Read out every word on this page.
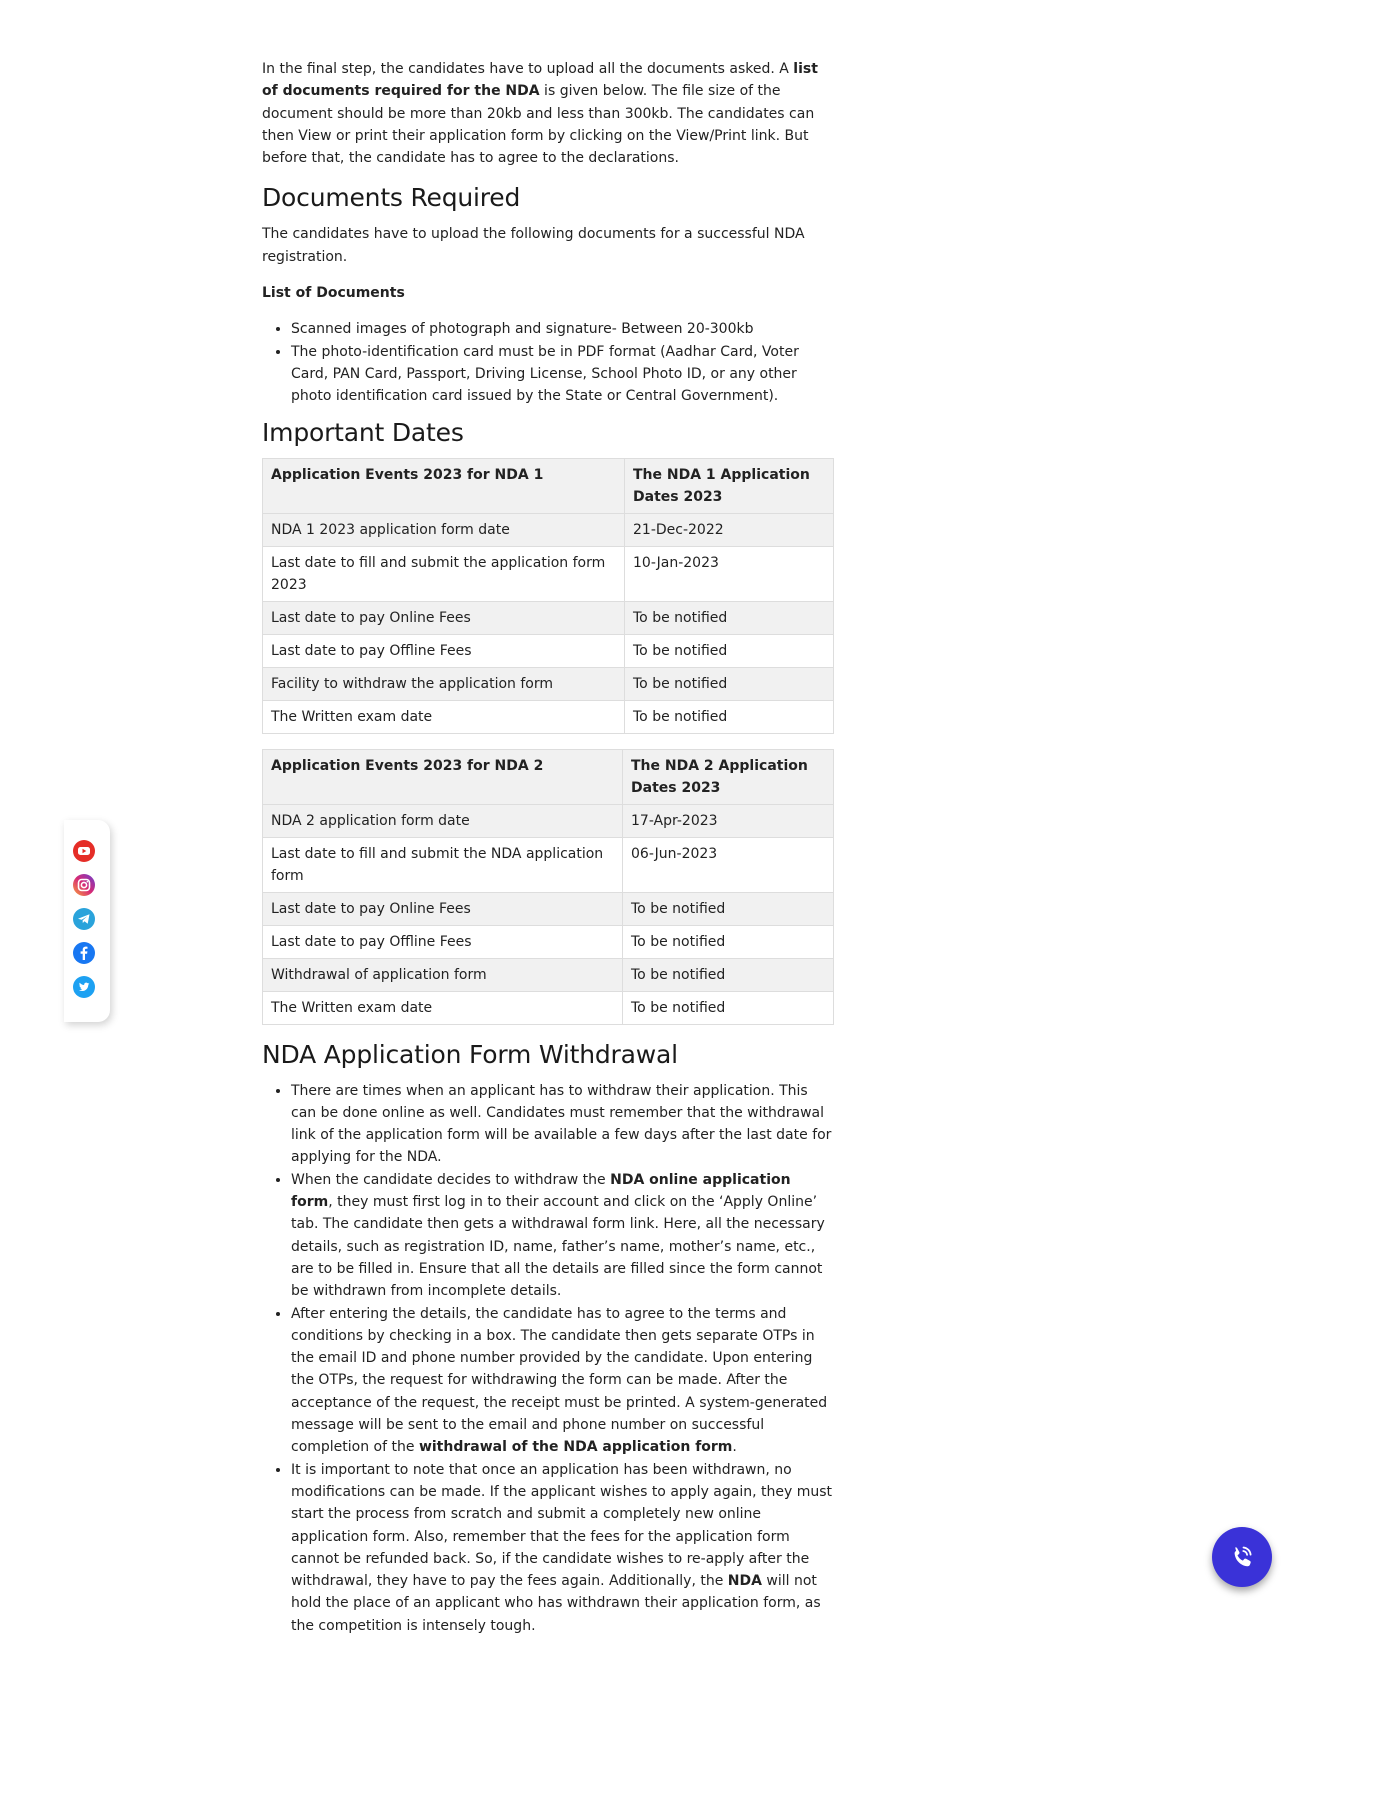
In the final step, the candidates have to upload all the documents asked. A list of documents required for the NDA is given below. The file size of the document should be more than 20kb and less than 300kb. The candidates can then View or print their application form by clicking on the View/Print link. But before that, the candidate has to agree to the declarations.

Documents Required

The candidates have to upload the following documents for a successful NDA registration.

List of Documents

• Scanned images of photograph and signature- Between 20-300kb
• The photo-identification card must be in PDF format (Aadhar Card, Voter Card, PAN Card, Passport, Driving License, School Photo ID, or any other photo identification card issued by the State or Central Government).
Important Dates
Application Events 2023 for NDA 1	The NDA 1 Application Dates 2023
NDA 1 2023 application form date	21-Dec-2022
Last date to fill and submit the application form 2023	10-Jan-2023
Last date to pay Online Fees	To be notified
Last date to pay Offline Fees	To be notified
Facility to withdraw the application form	To be notified
The Written exam date	To be notified
Application Events 2023 for NDA 2	The NDA 2 Application Dates 2023
NDA 2 application form date	17-Apr-2023
Last date to fill and submit the NDA application form	06-Jun-2023
Last date to pay Online Fees	To be notified
Last date to pay Offline Fees	To be notified
Withdrawal of application form	To be notified
The Written exam date	To be notified
NDA Application Form Withdrawal
• There are times when an applicant has to withdraw their application. This can be done online as well. Candidates must remember that the withdrawal link of the application form will be available a few days after the last date for applying for the NDA.
• When the candidate decides to withdraw the NDA online application form, they must first log in to their account and click on the ‘Apply Online’ tab. The candidate then gets a withdrawal form link. Here, all the necessary details, such as registration ID, name, father’s name, mother’s name, etc., are to be filled in. Ensure that all the details are filled since the form cannot be withdrawn from incomplete details.
• After entering the details, the candidate has to agree to the terms and conditions by checking in a box. The candidate then gets separate OTPs in the email ID and phone number provided by the candidate. Upon entering the OTPs, the request for withdrawing the form can be made. After the acceptance of the request, the receipt must be printed. A system-generated message will be sent to the email and phone number on successful completion of the withdrawal of the NDA application form.
• It is important to note that once an application has been withdrawn, no modifications can be made. If the applicant wishes to apply again, they must start the process from scratch and submit a completely new online application form. Also, remember that the fees for the application form cannot be refunded back. So, if the candidate wishes to re-apply after the withdrawal, they have to pay the fees again. Additionally, the NDA will not hold the place of an applicant who has withdrawn their application form, as the competition is intensely tough.
